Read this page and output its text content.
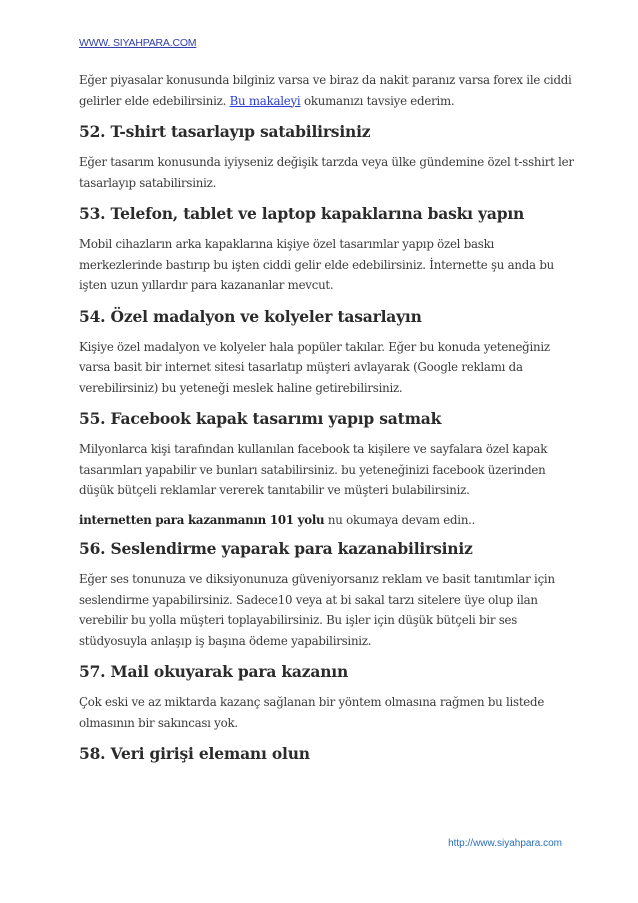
WWW. SIYAHPARA.COM

Eğer piyasalar konusunda bilginiz varsa ve biraz da nakit paranız varsa forex ile ciddi gelirler elde edebilirsiniz. Bu makaleyi okumanızı tavsiye ederim.

52. T-shirt tasarlayıp satabilirsiniz

Eğer tasarım konusunda iyiyseniz değişik tarzda veya ülke gündemine özel t-sshirt ler tasarlayıp satabilirsiniz.

53. Telefon, tablet ve laptop kapaklarına baskı yapın

Mobil cihazların arka kapaklarına kişiye özel tasarımlar yapıp özel baskı merkezlerinde bastırıp bu işten ciddi gelir elde edebilirsiniz. İnternette şu anda bu işten uzun yıllardır para kazananlar mevcut.

54. Özel madalyon ve kolyeler tasarlayın

Kişiye özel madalyon ve kolyeler hala popüler takılar. Eğer bu konuda yeteneğiniz varsa basit bir internet sitesi tasarlatıp müşteri avlayarak (Google reklamı da verebilirsiniz) bu yeteneği meslek haline getirebilirsiniz.

55. Facebook kapak tasarımı yapıp satmak

Milyonlarca kişi tarafından kullanılan facebook ta kişilere ve sayfalara özel kapak tasarımları yapabilir ve bunları satabilirsiniz. bu yeteneğinizi facebook üzerinden düşük bütçeli reklamlar vererek tanıtabilir ve müşteri bulabilirsiniz.

internetten para kazanmanın 101 yolu nu okumaya devam edin..

56. Seslendirme yaparak para kazanabilirsiniz

Eğer ses tonunuza ve diksiyonunuza güveniyorsanız reklam ve basit tanıtımlar için seslendirme yapabilirsiniz. Sadece10 veya at bi sakal tarzı sitelere üye olup ilan verebilir bu yolla müşteri toplayabilirsiniz. Bu işler için düşük bütçeli bir ses stüdyosuyla anlaşıp iş başına ödeme yapabilirsiniz.

57. Mail okuyarak para kazanın

Çok eski ve az miktarda kazanç sağlanan bir yöntem olmasına rağmen bu listede olmasının bir sakıncası yok.

58. Veri girişi elemanı olun
http://www.siyahpara.com
